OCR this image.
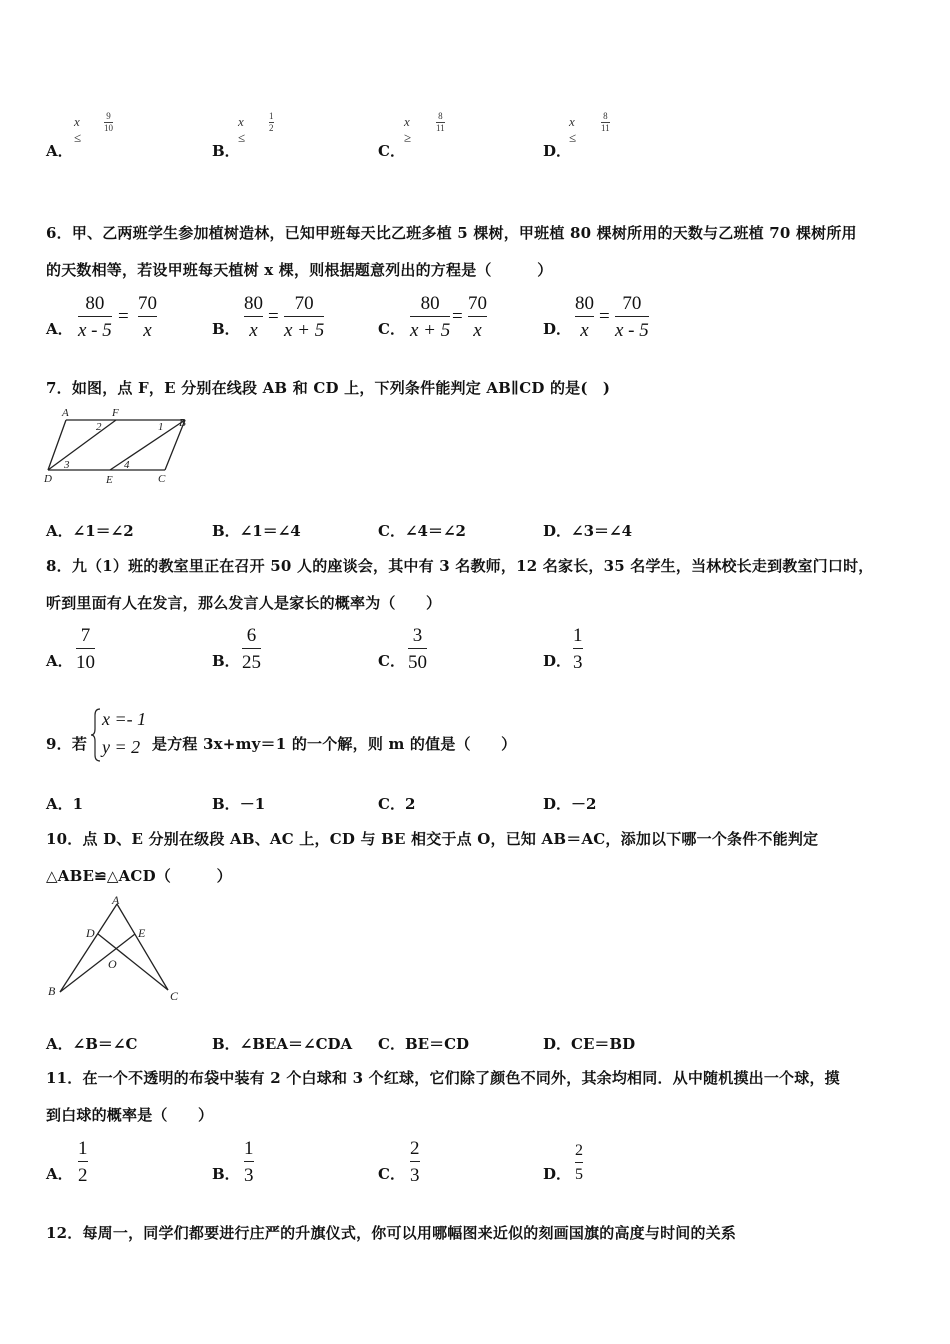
x ≤
9
10
A．
x ≤
1
2
B．
x ≥
8
11
C．
x ≤
8
11
D．
6．甲、乙两班学生参加植树造林，已知甲班每天比乙班多植 5 棵树，甲班植 80 棵树所用的天数与乙班植 70 棵树所用
的天数相等，若设甲班每天植树 x 棵，则根据题意列出的方程是（　　　）
A．
80
x - 5
=
70
x	B．
80
x
=
70
x + 5	C．
80
x + 5
=
70
x	D．
80
x
=
70
x - 5
7．如图，点 F，E 分别在线段 AB 和 CD 上，下列条件能判定 AB∥CD 的是(　)
A	F
B
D	E	C
2	1
3	4
A．∠1＝∠2	B．∠1＝∠4	C．∠4＝∠2	D．∠3＝∠4
8．九（1）班的教室里正在召开 50 人的座谈会，其中有 3 名教师，12 名家长，35 名学生，当林校长走到教室门口时，
听到里面有人在发言，那么发言人是家长的概率为（　　）
A．
7
10	B．
6
25	C．
3
50	D．
1
3
9．若
x =- 1
y = 2 是方程 3x+my＝1 的一个解，则 m 的值是（　　）
A．1	B．－1	C．2	D．－2
10．点 D、E 分别在级段 AB、AC 上，CD 与 BE 相交于点 O，已知 AB＝AC，添加以下哪一个条件不能判定
△ABE≌△ACD（　　　）
A
D	E
O
B	C
A．∠B＝∠C	B．∠BEA＝∠CDA C．BE＝CD	D．CE＝BD
11．在一个不透明的布袋中装有 2 个白球和 3 个红球，它们除了颜色不同外，其余均相同．从中随机摸出一个球，摸
到白球的概率是（　　）
A．
1
2	B．
1
3	C．
2
3	D．
2
5
12．每周一，同学们都要进行庄严的升旗仪式，你可以用哪幅图来近似的刻画国旗的高度与时间的关系
